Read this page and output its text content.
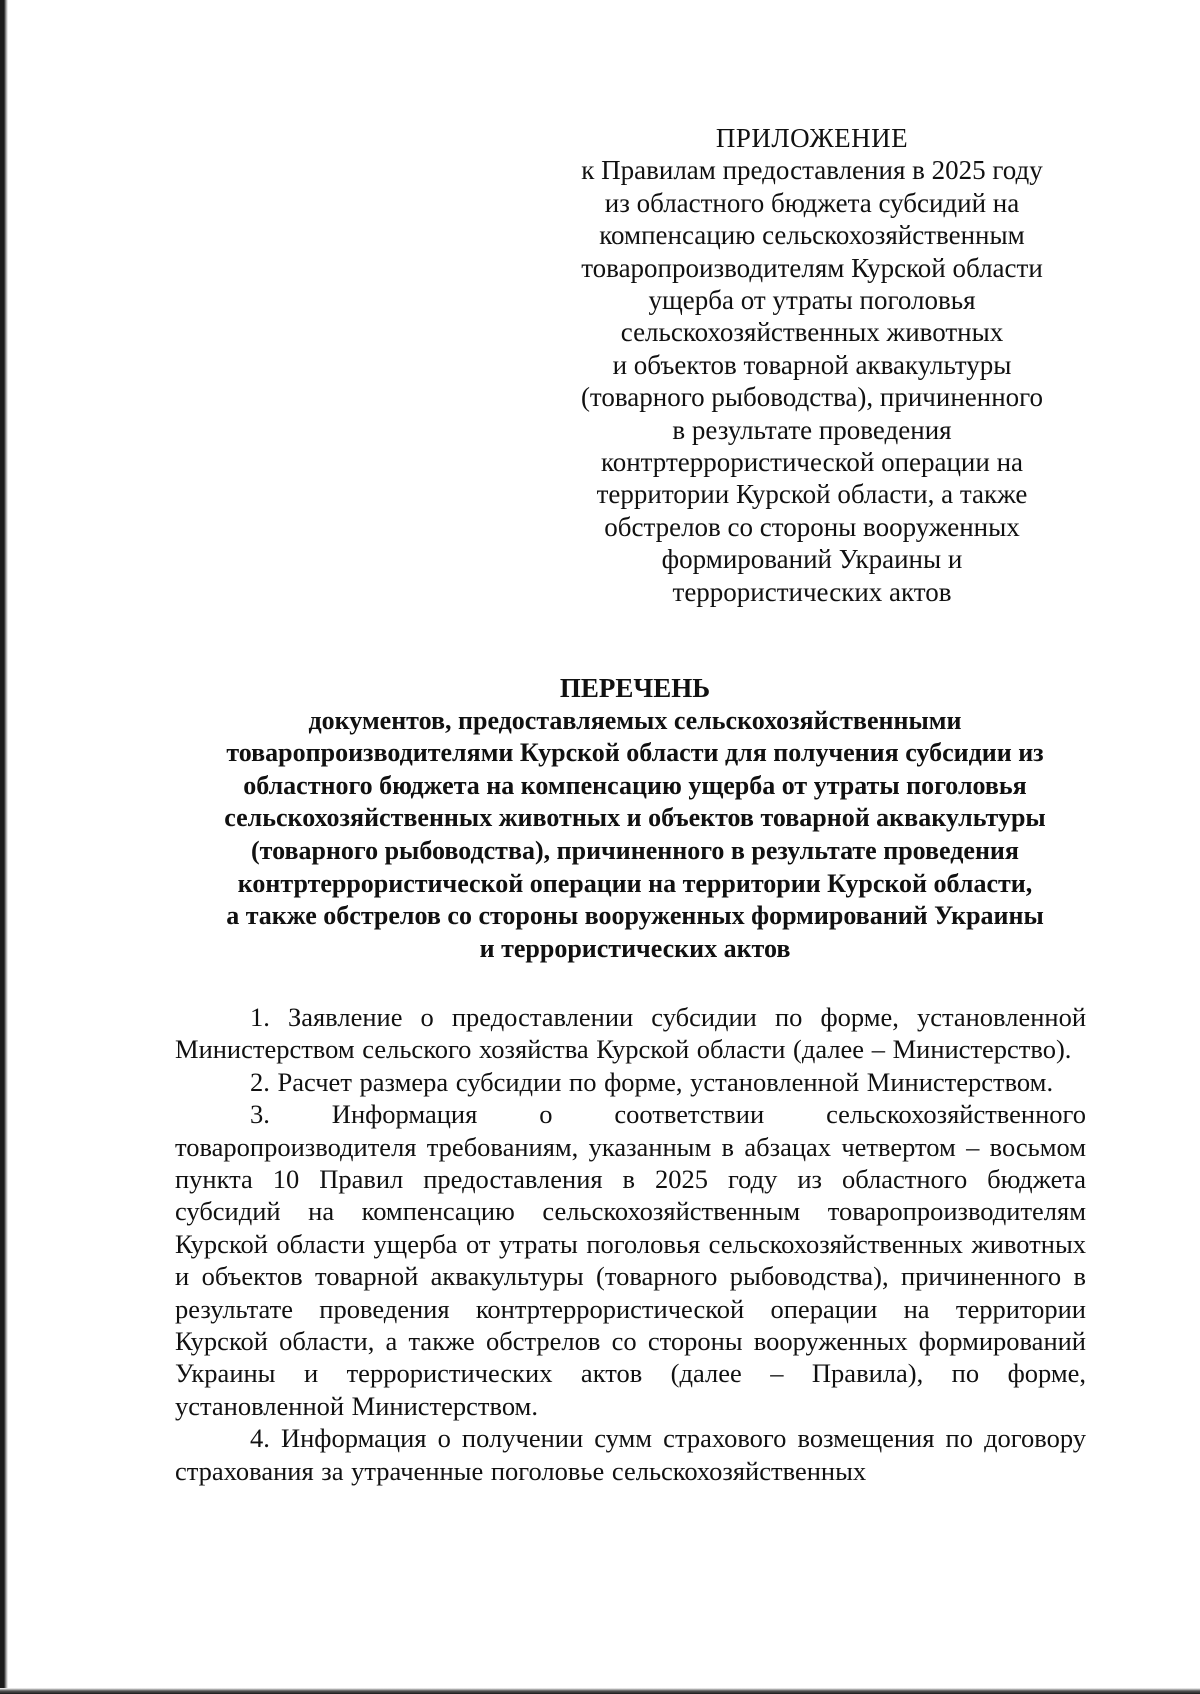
ПРИЛОЖЕНИЕ
к Правилам предоставления в 2025 году
из областного бюджета субсидий на
компенсацию сельскохозяйственным
товаропроизводителям Курской области
ущерба от утраты поголовья
сельскохозяйственных животных
и объектов товарной аквакультуры
(товарного рыбоводства), причиненного
в результате проведения
контртеррористической операции на
территории Курской области, а также
обстрелов со стороны вооруженных
формирований Украины и
террористических актов
ПЕРЕЧЕНЬ
документов, предоставляемых сельскохозяйственными
товаропроизводителями Курской области для получения субсидии из
областного бюджета на компенсацию ущерба от утраты поголовья
сельскохозяйственных животных и объектов товарной аквакультуры
(товарного рыбоводства), причиненного в результате проведения
контртеррористической операции на территории Курской области,
а также обстрелов со стороны вооруженных формирований Украины
и террористических актов

1. Заявление о предоставлении субсидии по форме, установленной Министерством сельского хозяйства Курской области (далее – Министерство).

2. Расчет размера субсидии по форме, установленной Министерством.

3. Информация о соответствии сельскохозяйственного товаропроизводителя требованиям, указанным в абзацах четвертом – восьмом пункта 10 Правил предоставления в 2025 году из областного бюджета субсидий на компенсацию сельскохозяйственным товаропроизводителям Курской области ущерба от утраты поголовья сельскохозяйственных животных и объектов товарной аквакультуры (товарного рыбоводства), причиненного в результате проведения контртеррористической операции на территории Курской области, а также обстрелов со стороны вооруженных формирований Украины и террористических актов (далее – Правила), по форме, установленной Министерством.

4. Информация о получении сумм страхового возмещения по договору страхования за утраченные поголовье сельскохозяйственных
